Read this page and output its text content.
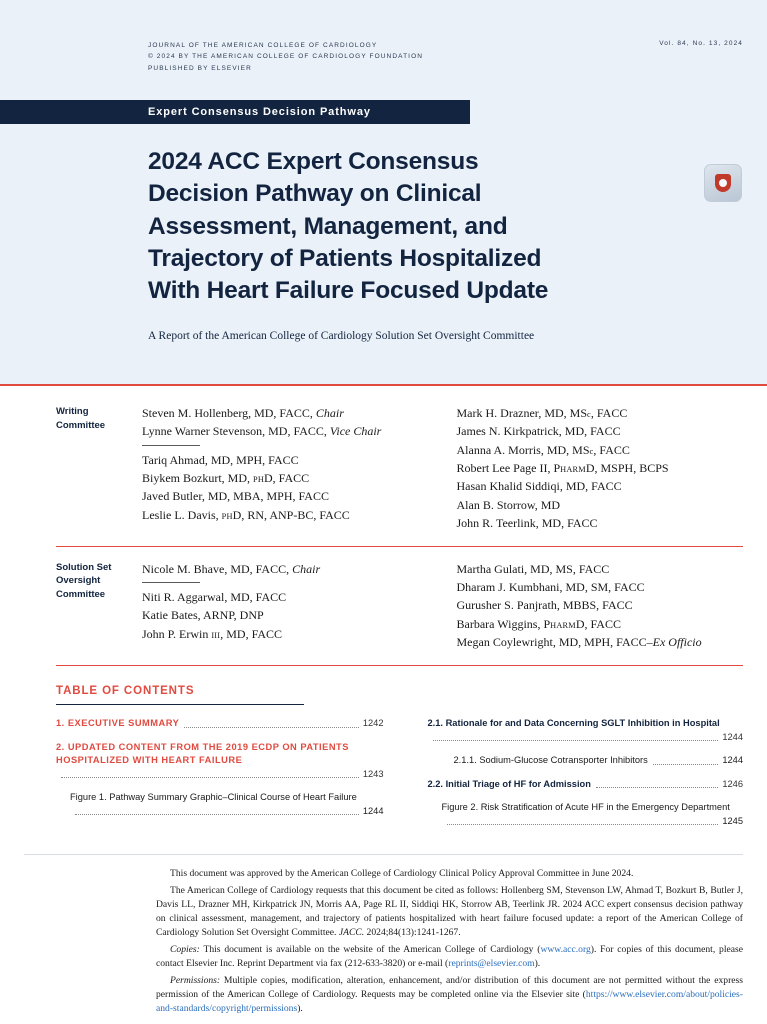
JOURNAL OF THE AMERICAN COLLEGE OF CARDIOLOGY
© 2024 BY THE AMERICAN COLLEGE OF CARDIOLOGY FOUNDATION
PUBLISHED BY ELSEVIER
Vol. 84, No. 13, 2024
Expert Consensus Decision Pathway
2024 ACC Expert Consensus Decision Pathway on Clinical Assessment, Management, and Trajectory of Patients Hospitalized With Heart Failure Focused Update
A Report of the American College of Cardiology Solution Set Oversight Committee
Writing
Committee
Steven M. Hollenberg, MD, FACC, Chair
Lynne Warner Stevenson, MD, FACC, Vice Chair
Tariq Ahmad, MD, MPH, FACC
Biykem Bozkurt, MD, PHD, FACC
Javed Butler, MD, MBA, MPH, FACC
Leslie L. Davis, PHD, RN, ANP-BC, FACC
Mark H. Drazner, MD, MSc, FACC
James N. Kirkpatrick, MD, FACC
Alanna A. Morris, MD, MSc, FACC
Robert Lee Page II, PHARMD, MSPH, BCPS
Hasan Khalid Siddiqi, MD, FACC
Alan B. Storrow, MD
John R. Teerlink, MD, FACC
Solution Set
Oversight
Committee
Nicole M. Bhave, MD, FACC, Chair
Niti R. Aggarwal, MD, FACC
Katie Bates, ARNP, DNP
John P. Erwin III, MD, FACC
Martha Gulati, MD, MS, FACC
Dharam J. Kumbhani, MD, SM, FACC
Gurusher S. Panjrath, MBBS, FACC
Barbara Wiggins, PHARMD, FACC
Megan Coylewright, MD, MPH, FACC–Ex Officio
TABLE OF CONTENTS
1. EXECUTIVE SUMMARY	1242
2. UPDATED CONTENT FROM THE 2019 ECDP ON PATIENTS HOSPITALIZED WITH HEART FAILURE
1243
Figure 1. Pathway Summary Graphic–Clinical Course of Heart Failure
1244
2.1. Rationale for and Data Concerning SGLT Inhibition in Hospital
1244
2.1.1. Sodium-Glucose Cotransporter Inhibitors	1244
2.2. Initial Triage of HF for Admission	1246
Figure 2. Risk Stratification of Acute HF in the Emergency Department
1245

This document was approved by the American College of Cardiology Clinical Policy Approval Committee in June 2024.

The American College of Cardiology requests that this document be cited as follows: Hollenberg SM, Stevenson LW, Ahmad T, Bozkurt B, Butler J, Davis LL, Drazner MH, Kirkpatrick JN, Morris AA, Page RL II, Siddiqi HK, Storrow AB, Teerlink JR. 2024 ACC expert consensus decision pathway on clinical assessment, management, and trajectory of patients hospitalized with heart failure focused update: a report of the American College of Cardiology Solution Set Oversight Committee. JACC. 2024;84(13):1241-1267.

Copies: This document is available on the website of the American College of Cardiology (www.acc.org). For copies of this document, please contact Elsevier Inc. Reprint Department via fax (212-633-3820) or e-mail (reprints@elsevier.com).

Permissions: Multiple copies, modification, alteration, enhancement, and/or distribution of this document are not permitted without the express permission of the American College of Cardiology. Requests may be completed online via the Elsevier site (https://www.elsevier.com/about/policies-and-standards/copyright/permissions).
